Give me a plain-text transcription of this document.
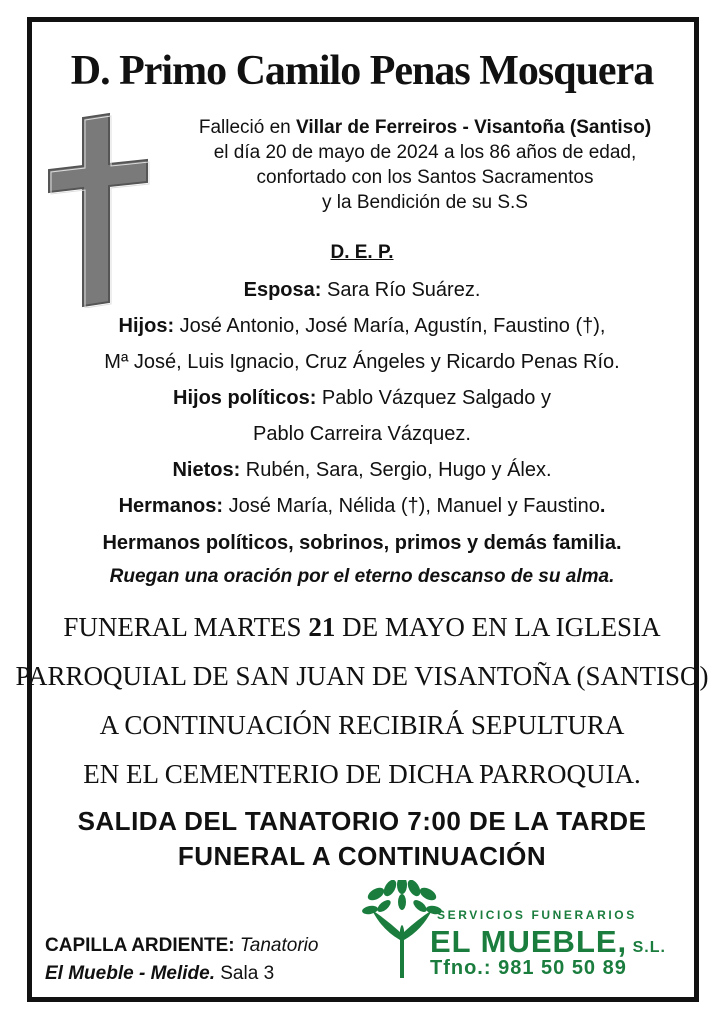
D. Primo Camilo Penas Mosquera
Falleció en Villar de Ferreiros - Visantoña (Santiso)
el día 20 de mayo de 2024 a los 86 años de edad,
confortado con los Santos Sacramentos
y la Bendición de su S.S
D. E. P.
Esposa: Sara Río Suárez.
Hijos: José Antonio, José María, Agustín, Faustino (†),
Mª José, Luis Ignacio, Cruz Ángeles y Ricardo Penas Río.
Hijos políticos: Pablo Vázquez Salgado y
Pablo Carreira Vázquez.
Nietos: Rubén, Sara, Sergio, Hugo y Álex.
Hermanos: José María, Nélida (†), Manuel y Faustino.
Hermanos políticos, sobrinos, primos y demás familia.
Ruegan una oración por el eterno descanso de su alma.
FUNERAL MARTES 21 DE MAYO EN LA IGLESIA
PARROQUIAL DE SAN JUAN DE VISANTOÑA (SANTISO)
A CONTINUACIÓN RECIBIRÁ SEPULTURA
EN EL CEMENTERIO DE DICHA PARROQUIA.
SALIDA DEL TANATORIO 7:00 DE LA TARDE
FUNERAL A CONTINUACIÓN
CAPILLA ARDIENTE: Tanatorio
El Mueble - Melide. Sala 3
SERVICIOS FUNERARIOS
EL MUEBLE, S.L.
Tfno.: 981 50 50 89
